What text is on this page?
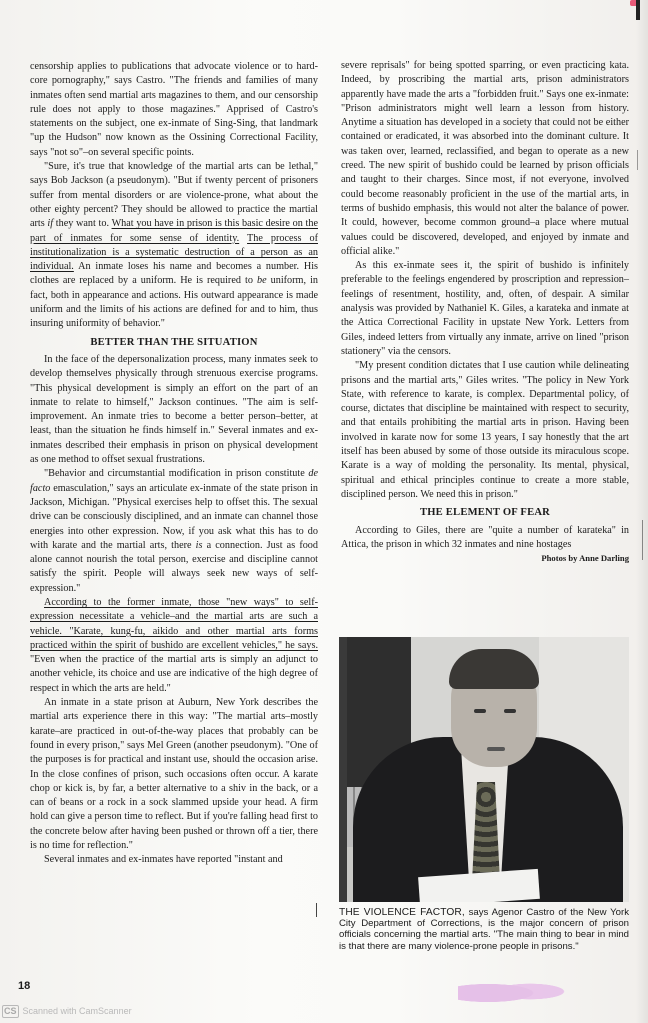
censorship applies to publications that advocate violence or to hard-core pornography," says Castro. "The friends and families of many inmates often send martial arts magazines to them, and our censorship rule does not apply to those magazines." Apprised of Castro's statements on the subject, one ex-inmate of Sing-Sing, that landmark "up the Hudson" now known as the Ossining Correctional Facility, says "not so"–on several specific points.

"Sure, it's true that knowledge of the martial arts can be lethal," says Bob Jackson (a pseudonym). "But if twenty percent of prisoners suffer from mental disorders or are violence-prone, what about the other eighty percent? They should be allowed to practice the martial arts if they want to. What you have in prison is this basic desire on the part of inmates for some sense of identity. The process of institutionalization is a systematic destruction of a person as an individual. An inmate loses his name and becomes a number. His clothes are replaced by a uniform. He is required to be uniform, in fact, both in appearance and actions. His outward appearance is made uniform and the limits of his actions are defined for and to him, thus insuring uniformity of behavior."

BETTER THAN THE SITUATION

In the face of the depersonalization process, many inmates seek to develop themselves physically through strenuous exercise programs. "This physical development is simply an effort on the part of an inmate to relate to himself," Jackson continues. "The aim is self-improvement. An inmate tries to become a better person–better, at least, than the situation he finds himself in." Several inmates and ex-inmates described their emphasis in prison on physical development as one method to offset sexual frustrations.

"Behavior and circumstantial modification in prison constitute de facto emasculation," says an articulate ex-inmate of the state prison in Jackson, Michigan. "Physical exercises help to offset this. The sexual drive can be consciously disciplined, and an inmate can channel those energies into other expression. Now, if you ask what this has to do with karate and the martial arts, there is a connection. Just as food alone cannot nourish the total person, exercise and discipline cannot satisfy the spirit. People will always seek new ways of self-expression."

According to the former inmate, those "new ways" to self-expression necessitate a vehicle–and the martial arts are such a vehicle. "Karate, kung-fu, aikido and other martial arts forms practiced within the spirit of bushido are excellent vehicles," he says. "Even when the practice of the martial arts is simply an adjunct to another vehicle, its choice and use are indicative of the high degree of respect in which the arts are held."

An inmate in a state prison at Auburn, New York describes the martial arts experience there in this way: "The martial arts–mostly karate–are practiced in out-of-the-way places that probably can be found in every prison," says Mel Green (another pseudonym). "One of the purposes is for practical and instant use, should the occasion arise. In the close confines of prison, such occasions often occur. A karate chop or kick is, by far, a better alternative to a shiv in the back, or a can of beans or a rock in a sock slammed upside your head. A firm hold can give a person time to reflect. But if you're falling head first to the concrete below after having been pushed or thrown off a tier, there is no time for reflection."

Several inmates and ex-inmates have reported "instant and

severe reprisals" for being spotted sparring, or even practicing kata. Indeed, by proscribing the martial arts, prison administrators apparently have made the arts a "forbidden fruit." Says one ex-inmate: "Prison administrators might well learn a lesson from history. Anytime a situation has developed in a society that could not be either contained or eradicated, it was absorbed into the dominant culture. It was taken over, learned, reclassified, and began to operate as a new creed. The new spirit of bushido could be learned by prison officials and taught to their charges. Since most, if not everyone, involved could become reasonably proficient in the use of the martial arts, in terms of bushido emphasis, this would not alter the balance of power. It could, however, become common ground–a place where mutual values could be discovered, developed, and enjoyed by inmate and official alike."

As this ex-inmate sees it, the spirit of bushido is infinitely preferable to the feelings engendered by proscription and repression–feelings of resentment, hostility, and, often, of despair. A similar analysis was provided by Nathaniel K. Giles, a karateka and inmate at the Attica Correctional Facility in upstate New York. Letters from Giles, indeed letters from virtually any inmate, arrive on lined "prison stationery" via the censors.

"My present condition dictates that I use caution while delineating prisons and the martial arts," Giles writes. "The policy in New York State, with reference to karate, is complex. Departmental policy, of course, dictates that discipline be maintained with respect to security, and that entails prohibiting the martial arts in prison. Having been involved in karate now for some 13 years, I say honestly that the art itself has been abused by some of those outside its miraculous scope. Karate is a way of molding the personality. Its mental, physical, spiritual and ethical principles continue to create a more stable, disciplined person. We need this in prison."

THE ELEMENT OF FEAR

According to Giles, there are "quite a number of karateka" in Attica, the prison in which 32 inmates and nine hostages

Photos by Anne Darling
THE VIOLENCE FACTOR, says Agenor Castro of the New York City Department of Corrections, is the major concern of prison officials concerning the martial arts. "The main thing to bear in mind is that there are many violence-prone people in prisons."
18
CS Scanned with CamScanner
